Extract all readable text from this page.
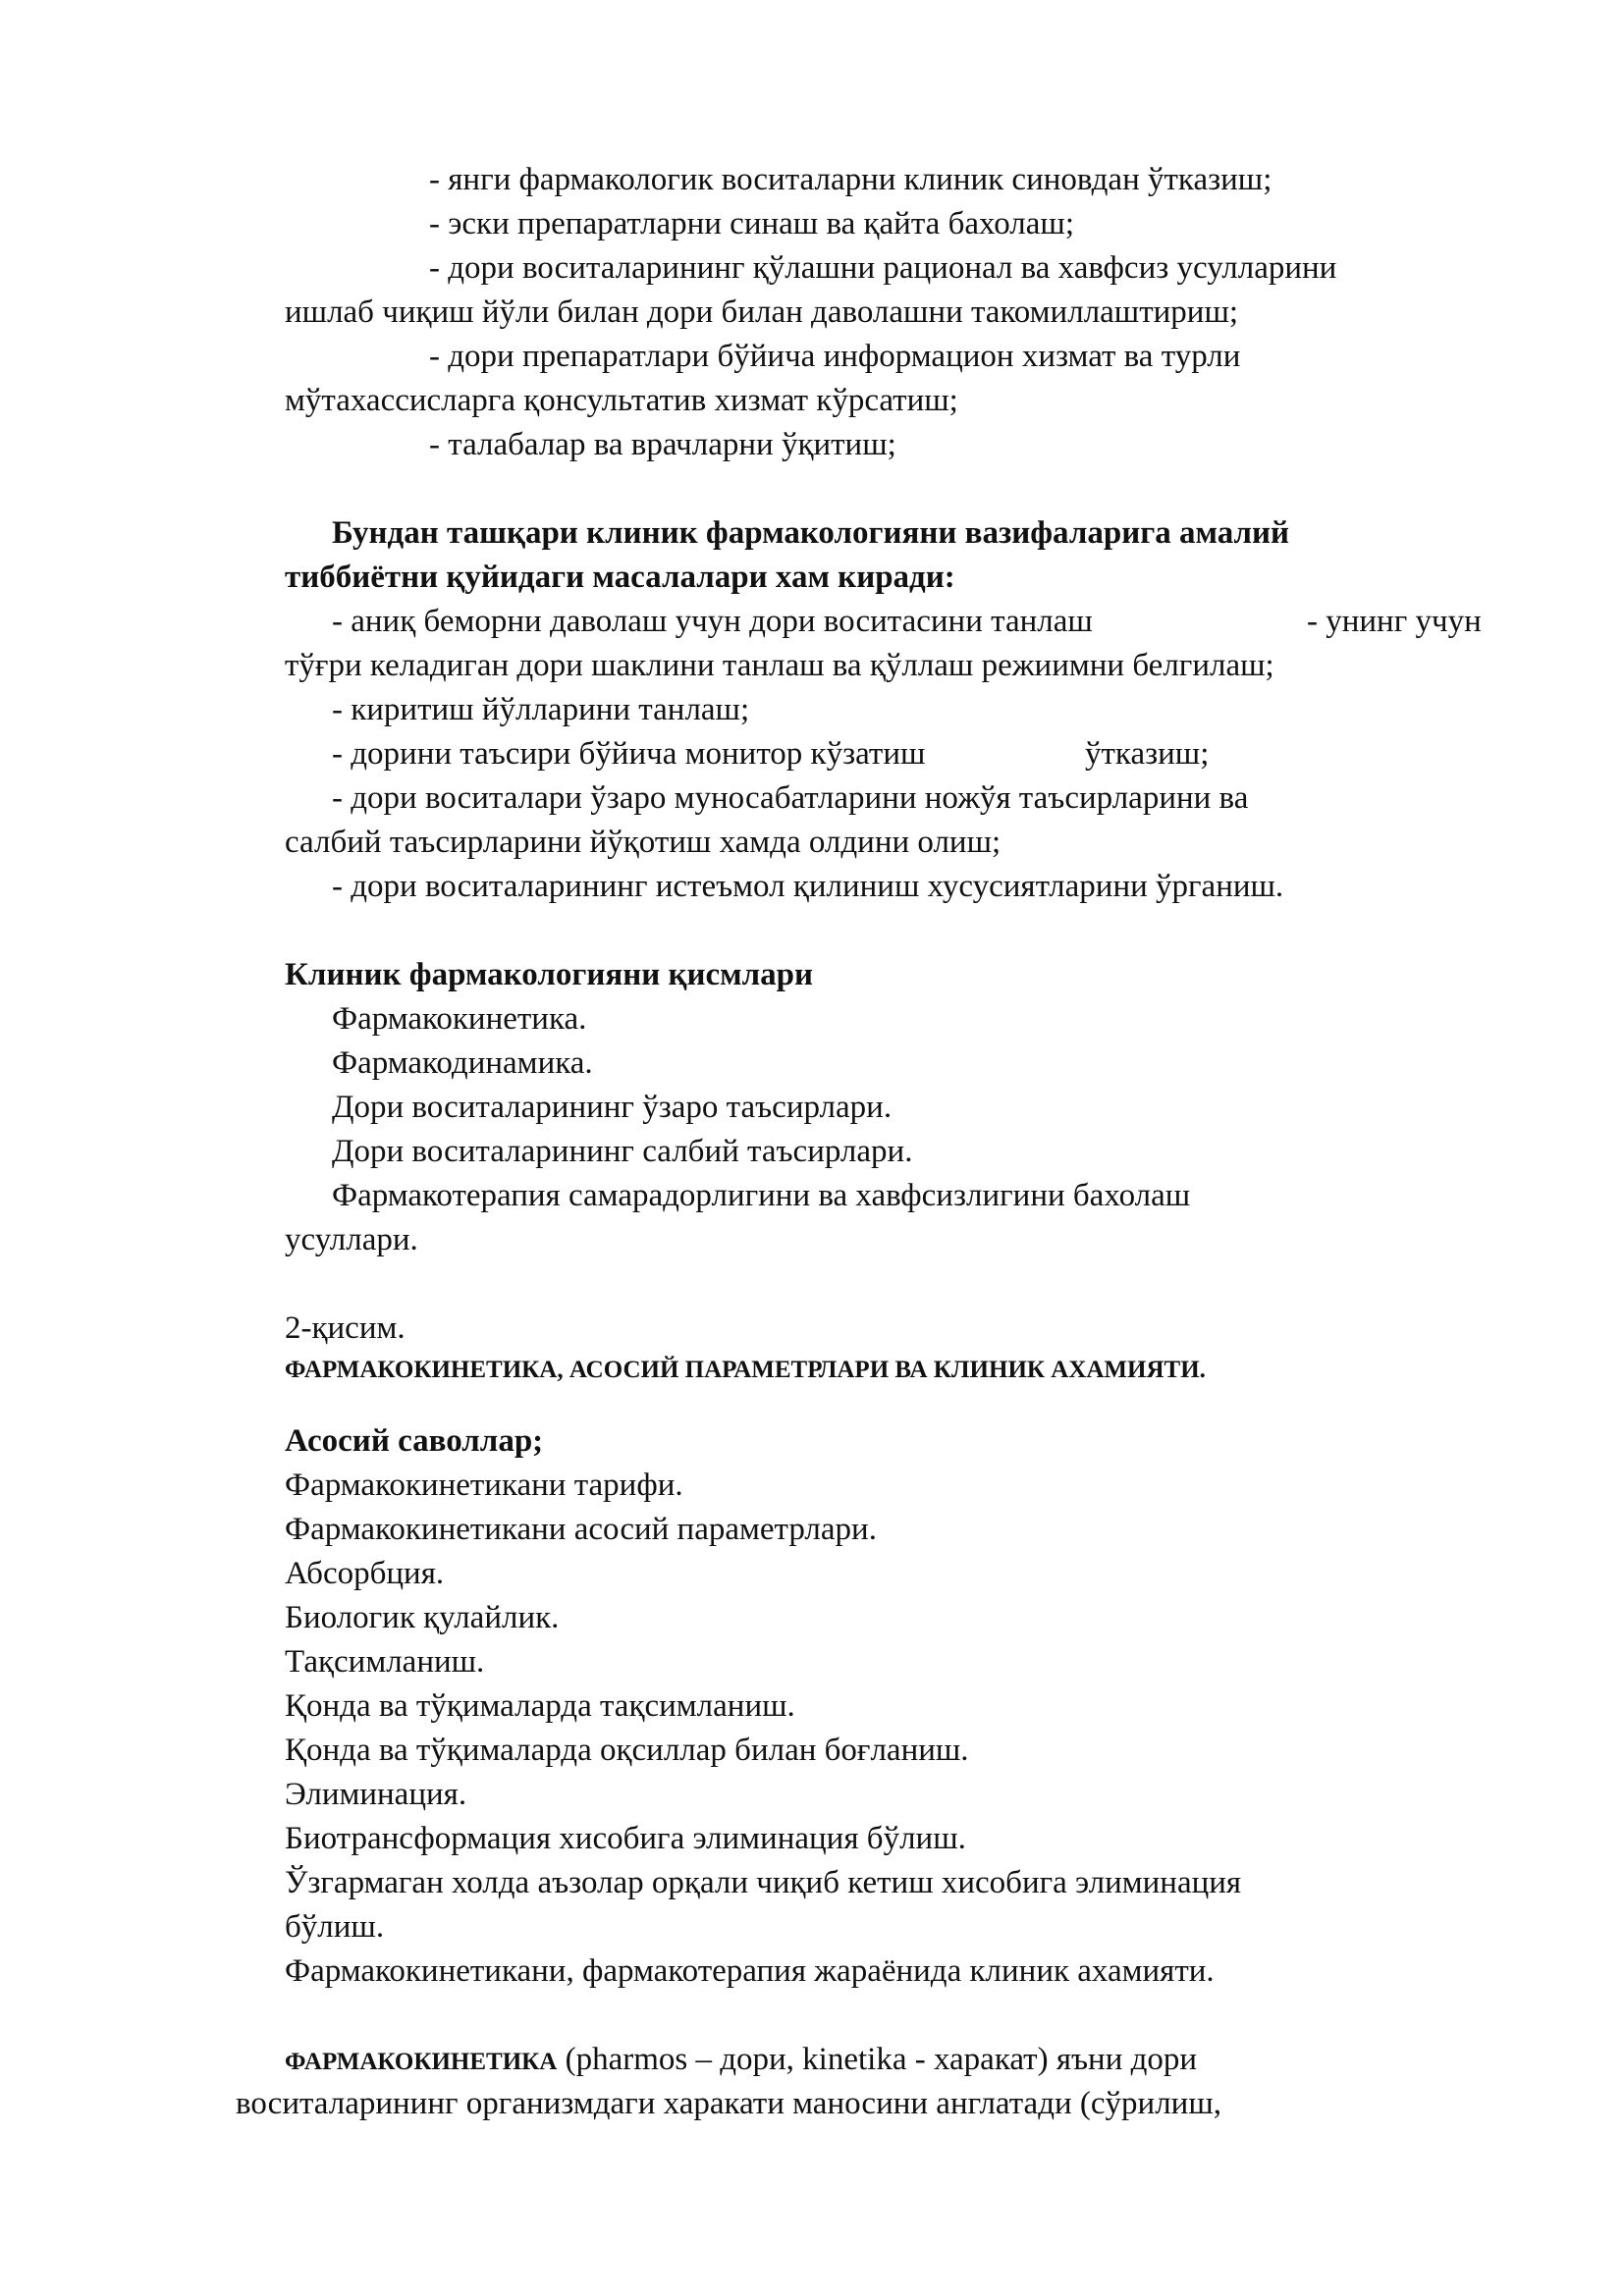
- янги фармакологик воситаларни клиник синовдан ўтказиш;
- эски препаратларни синаш ва қайта бахолаш;
- дори воситаларининг қўлашни рационал ва хавфсиз усулларини
ишлаб чиқиш йўли билан дори билан даволашни такомиллаштириш;
- дори препаратлари бўйича информацион хизмат ва турли
мўтахассисларга қонсультатив хизмат кўрсатиш;
- талабалар ва врачларни ўқитиш;
Бундан ташқари клиник фармакологияни вазифаларига амалий
тиббиётни қуйидаги масалалари хам киради:
- аниқ беморни даволаш учун дори воситасини танлаш	- унинг учун
тўғри келадиган дори шаклини танлаш ва қўллаш режиимни белгилаш;
- киритиш йўлларини танлаш;
- дорини таъсири бўйича монитор кўзатиш	ўтказиш;
- дори воситалари ўзаро муносабатларини ножўя таъсирларини ва
салбий таъсирларини йўқотиш хамда олдини олиш;
- дори воситаларининг истеъмол қилиниш хусусиятларини ўрганиш.
Клиник фармакологияни қисмлари
Фармакокинетика.
Фармакодинамика.
Дори воситаларининг ўзаро таъсирлари.
Дори воситаларининг салбий таъсирлари.
Фармакотерапия самарадорлигини ва хавфсизлигини бахолаш
усуллари.
2-қисим.
ФАРМАКОКИНЕТИКА, АСОСИЙ ПАРАМЕТРЛАРИ ВА КЛИНИК АХАМИЯТИ.
Асосий саволлар;
Фармакокинетикани тарифи.
Фармакокинетикани асосий параметрлари.
Абсорбция.
Биологик қулайлик.
Тақсимланиш.
Қонда ва тўқималарда тақсимланиш.
Қонда ва тўқималарда оқсиллар билан боғланиш.
Элиминация.
Биотрансформация хисобига элиминация бўлиш.
Ўзгармаган холда аъзолар орқали чиқиб кетиш хисобига элиминация
бўлиш.
Фармакокинетикани, фармакотерапия жараёнида клиник ахамияти.
ФАРМАКОКИНЕТИКА (pharmos – дори, kinetika - харакат) яъни дори
воситаларининг организмдаги харакати маносини англатади (сўрилиш,
